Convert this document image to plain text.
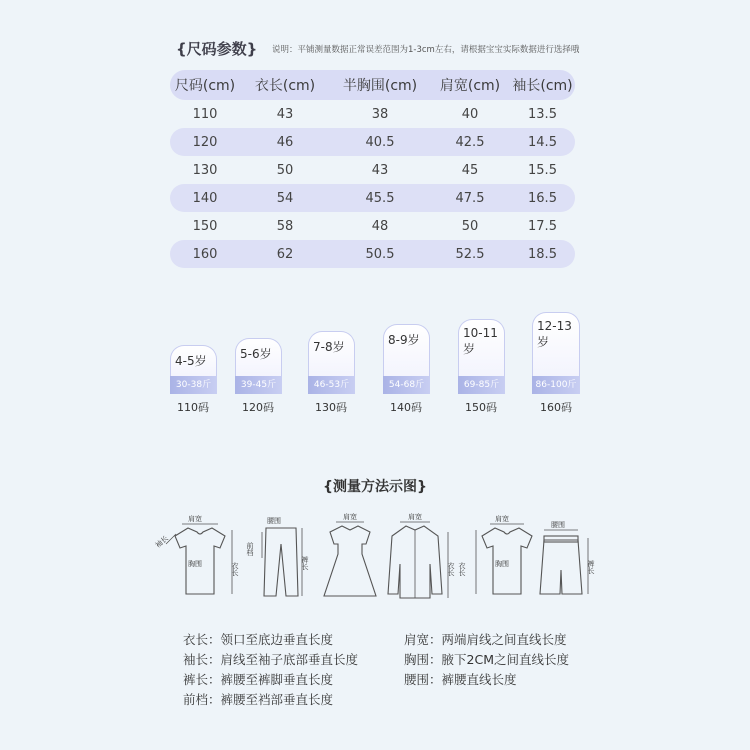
{尺码参数} 说明：平铺测量数据正常误差范围为1-3cm左右，请根据宝宝实际数据进行选择哦
尺码(cm)	衣长(cm)	半胸围(cm)	肩宽(cm) 袖长(cm)
110	43	38	40	13.5
120	46	40.5	42.5	14.5
130	50	43	45	15.5
140	54	45.5	47.5	16.5
150	58	48	50	17.5
160	62	50.5	52.5	18.5
4-5岁
30-38斤
110码
5-6岁
39-45斤
120码
7-8岁
46-53斤
130码
8-9岁
54-68斤
140码
10-11岁
69-85斤
150码
12-13岁
86-100斤
160码
{测量方法示图}
肩宽
袖长
胸围	衣长
腰围
前档
裤长
肩宽	肩宽
衣长
肩宽
胸围
衣长
腰围
裤长
衣长：领口至底边垂直长度	肩宽：两端肩线之间直线长度
袖长：肩线至袖子底部垂直长度	胸围：腋下2CM之间直线长度
裤长：裤腰至裤脚垂直长度	腰围：裤腰直线长度
前档：裤腰至裆部垂直长度
